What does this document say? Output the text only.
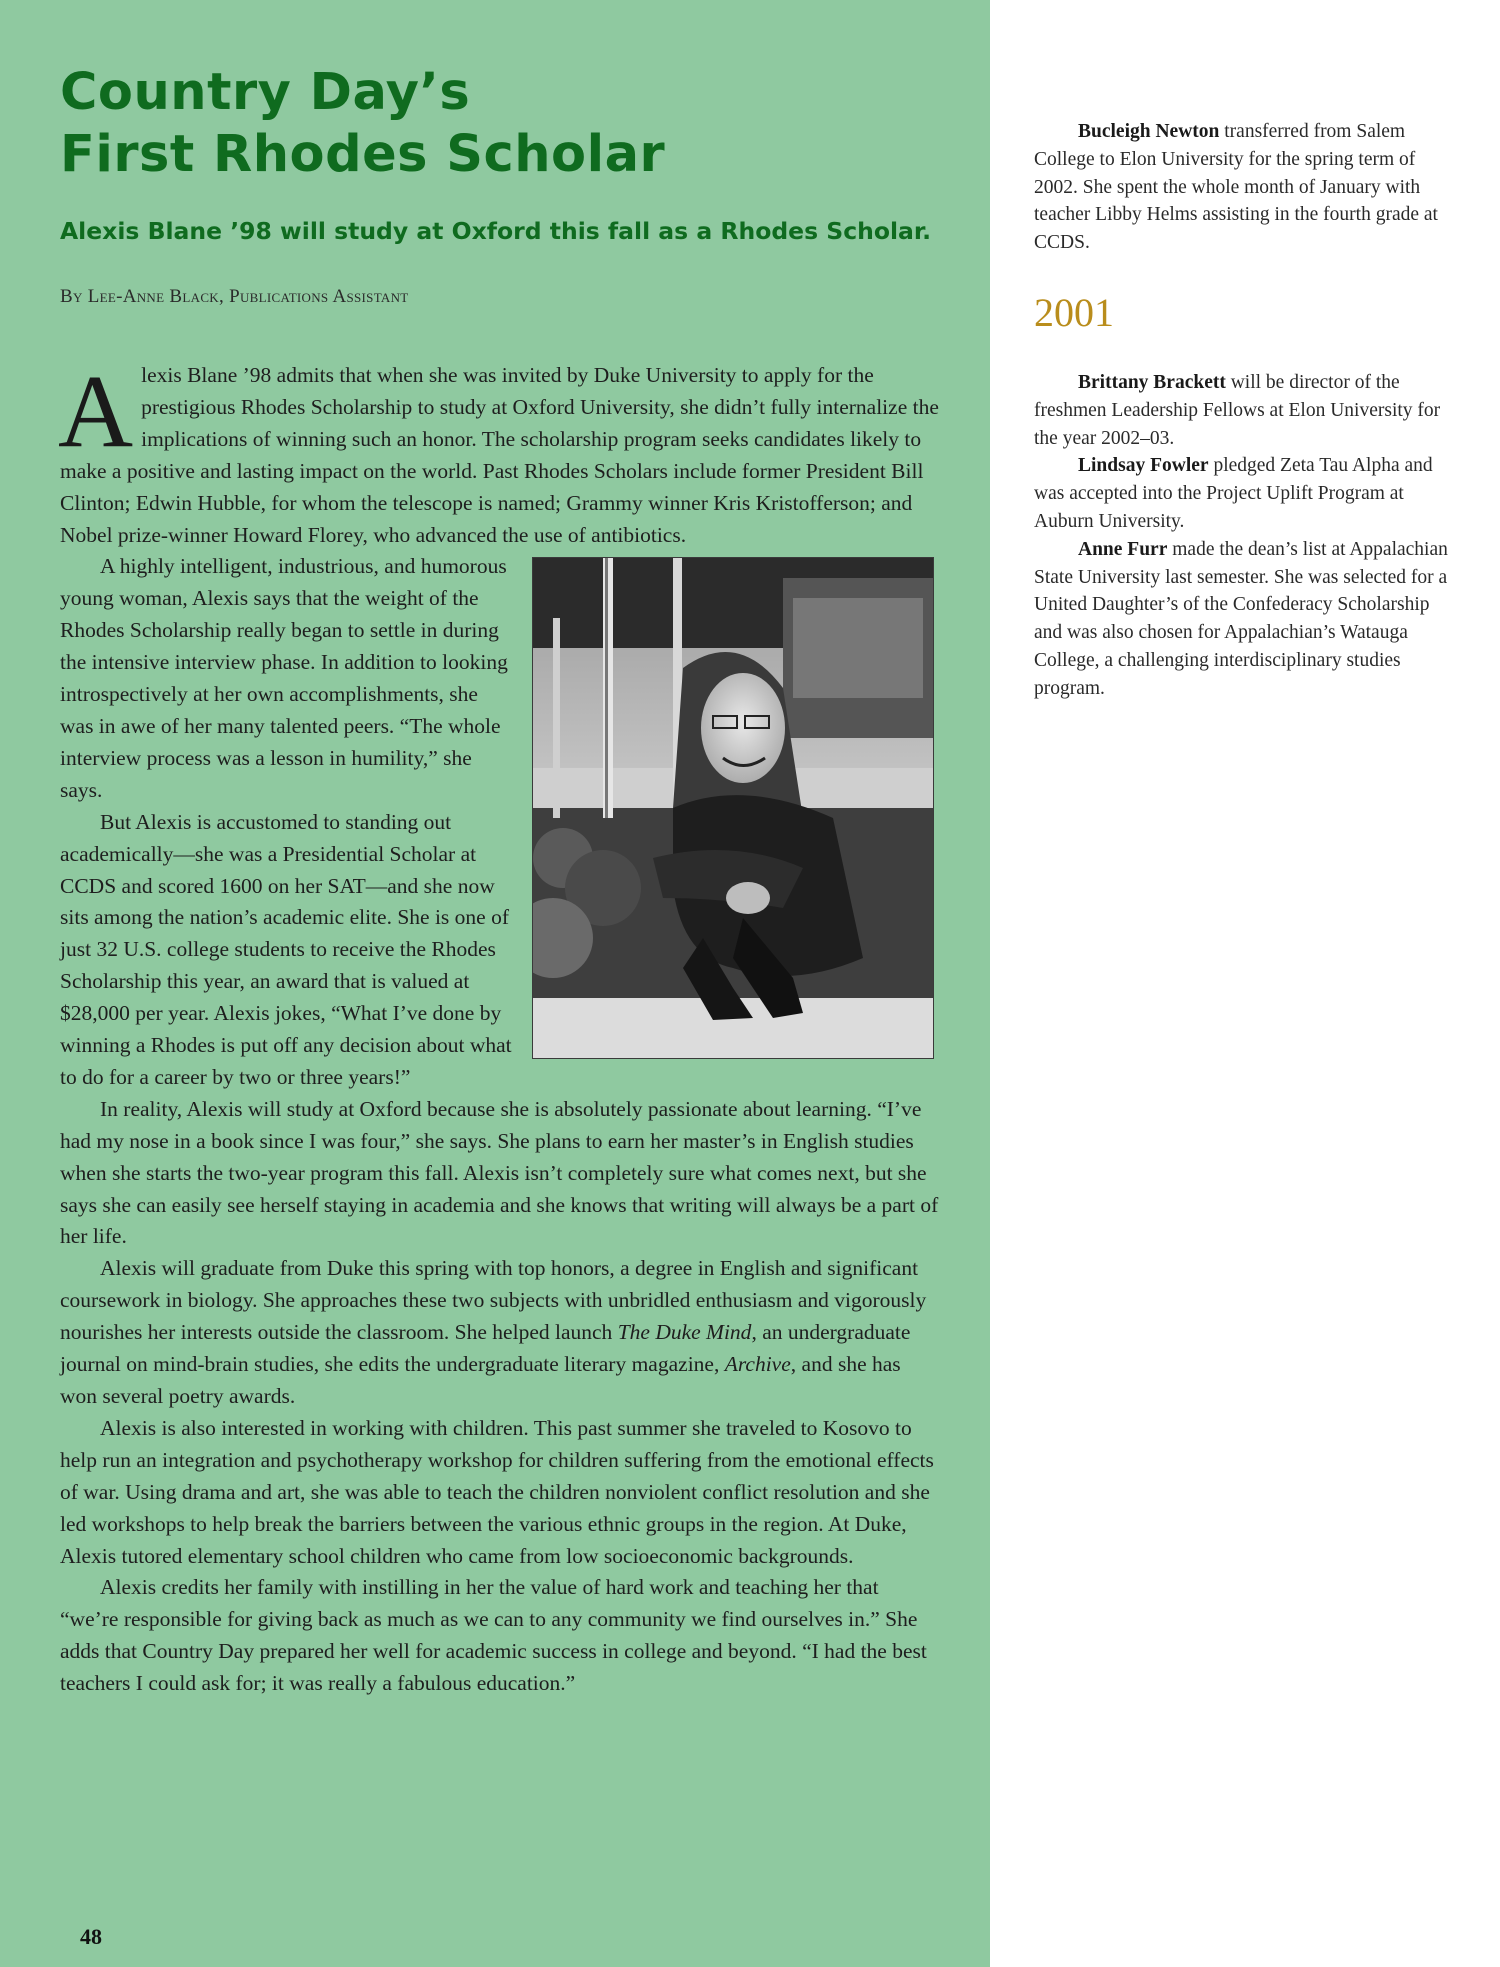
Country Day’s
First Rhodes Scholar
Alexis Blane ’98 will study at Oxford this fall as a Rhodes Scholar.
By Lee-Anne Black, Publications Assistant

Alexis Blane ’98 admits that when she was invited by Duke University to apply for the prestigious Rhodes Scholarship to study at Oxford University, she didn’t fully internalize the implications of winning such an honor. The scholarship program seeks candidates likely to make a positive and lasting impact on the world. Past Rhodes Scholars include former President Bill Clinton; Edwin Hubble, for whom the telescope is named; Grammy winner Kris Kristofferson; and Nobel prize-winner Howard Florey, who advanced the use of antibiotics.

A highly intelligent, industrious, and humorous young woman, Alexis says that the weight of the Rhodes Scholarship really began to settle in during the intensive interview phase. In addition to looking introspectively at her own accomplishments, she was in awe of her many talented peers. “The whole interview process was a lesson in humility,” she says.

But Alexis is accustomed to standing out academically—she was a Presidential Scholar at CCDS and scored 1600 on her SAT—and she now sits among the nation’s academic elite. She is one of just 32 U.S. college students to receive the Rhodes Scholarship this year, an award that is valued at $28,000 per year. Alexis jokes, “What I’ve done by winning a Rhodes is put off any decision about what to do for a career by two or three years!”

In reality, Alexis will study at Oxford because she is absolutely passionate about learning. “I’ve had my nose in a book since I was four,” she says. She plans to earn her master’s in English studies when she starts the two-year program this fall. Alexis isn’t completely sure what comes next, but she says she can easily see herself staying in academia and she knows that writing will always be a part of her life.

Alexis will graduate from Duke this spring with top honors, a degree in English and significant coursework in biology. She approaches these two subjects with unbridled enthusiasm and vigorously nourishes her interests outside the classroom. She helped launch The Duke Mind, an undergraduate journal on mind-brain studies, she edits the undergraduate literary magazine, Archive, and she has won several poetry awards.

Alexis is also interested in working with children. This past summer she traveled to Kosovo to help run an integration and psychotherapy workshop for children suffering from the emotional effects of war. Using drama and art, she was able to teach the children nonviolent conflict resolution and she led workshops to help break the barriers between the various ethnic groups in the region. At Duke, Alexis tutored elementary school children who came from low socioeconomic backgrounds.

Alexis credits her family with instilling in her the value of hard work and teaching her that “we’re responsible for giving back as much as we can to any community we find ourselves in.” She adds that Country Day prepared her well for academic success in college and beyond. “I had the best teachers I could ask for; it was really a fabulous education.”

48

Bucleigh Newton transferred from Salem College to Elon University for the spring term of 2002. She spent the whole month of January with teacher Libby Helms assisting in the fourth grade at CCDS.

2001

Brittany Brackett will be director of the freshmen Leadership Fellows at Elon University for the year 2002–03.

Lindsay Fowler pledged Zeta Tau Alpha and was accepted into the Project Uplift Program at Auburn University.

Anne Furr made the dean’s list at Appalachian State University last semester. She was selected for a United Daughter’s of the Confederacy Scholarship and was also chosen for Appalachian’s Watauga College, a challenging interdisciplinary studies program.
